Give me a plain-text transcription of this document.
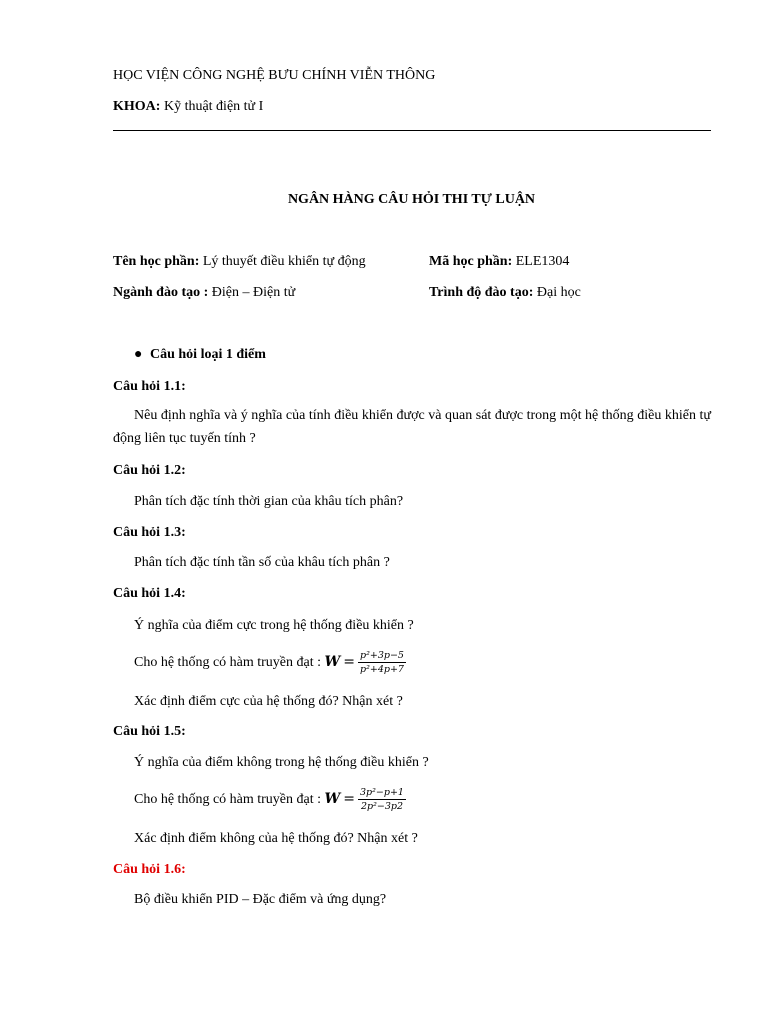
HỌC VIỆN CÔNG NGHỆ BƯU CHÍNH VIỄN THÔNG
KHOA: Kỹ thuật điện tử I
NGÂN HÀNG CÂU HỎI THI TỰ LUẬN
Tên học phần: Lý thuyết điều khiển tự động	Mã học phần: ELE1304
Ngành đào tạo : Điện – Điện tử	Trình độ đào tạo: Đại học
● Câu hỏi loại 1 điểm
Câu hỏi 1.1:
Nêu định nghĩa và ý nghĩa của tính điều khiển được và quan sát được trong một hệ thống điều khiển tự động liên tục tuyến tính ?
Câu hỏi 1.2:
Phân tích đặc tính thời gian của khâu tích phân?
Câu hỏi 1.3:
Phân tích đặc tính tần số của khâu tích phân ?
Câu hỏi 1.4:
Ý nghĩa của điểm cực trong hệ thống điều khiển ?
Cho hệ thống có hàm truyền đạt : $W = \frac{\text{p²+3p−5}}{\text{p²+4p+7}}$
Xác định điểm cực của hệ thống đó? Nhận xét ?
Câu hỏi 1.5:
Ý nghĩa của điểm không trong hệ thống điều khiển ?
Cho hệ thống có hàm truyền đạt : $W = \frac{\text{3p²−p+1}}{\text{2p²−3p2}}$
Xác định điểm không của hệ thống đó? Nhận xét ?
Câu hỏi 1.6:
Bộ điều khiển PID – Đặc điểm và ứng dụng?
